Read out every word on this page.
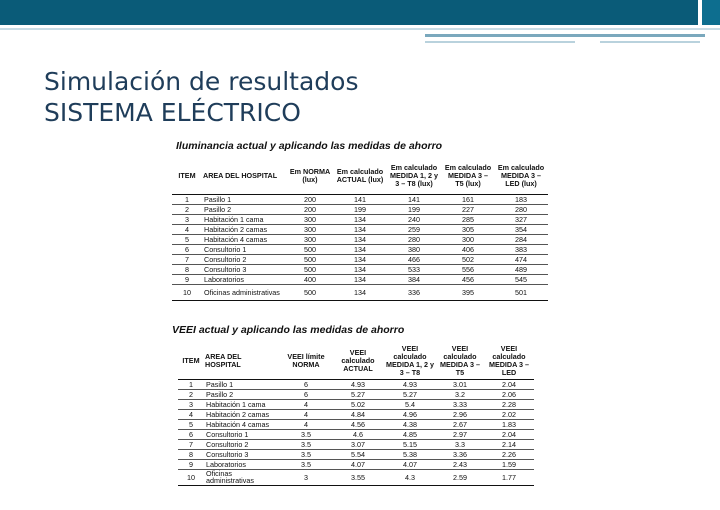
Simulación de resultados
SISTEMA ELÉCTRICO
Iluminancia actual y aplicando las medidas de ahorro
ITEM	AREA DEL HOSPITAL	Em NORMA (lux)	Em calculado ACTUAL (lux)	Em calculado MEDIDA 1, 2 y 3 – T8 (lux)	Em calculado MEDIDA 3 – T5 (lux)	Em calculado MEDIDA 3 – LED (lux)
1	Pasillo 1	200	141	141	161	183
2	Pasillo 2	200	199	199	227	280
3	Habitación 1 cama	300	134	240	285	327
4	Habitación 2 camas	300	134	259	305	354
5	Habitación 4 camas	300	134	280	300	284
6	Consultorio 1	500	134	380	406	383
7	Consultorio 2	500	134	466	502	474
8	Consultorio 3	500	134	533	556	489
9	Laboratorios	400	134	384	456	545
10	Oficinas administrativas	500	134	336	395	501
VEEI actual y aplicando las medidas de ahorro
ITEM	AREA DEL HOSPITAL	VEEI límite NORMA	VEEI calculado ACTUAL	VEEI calculado MEDIDA 1, 2 y 3 – T8	VEEI calculado MEDIDA 3 – T5	VEEI calculado MEDIDA 3 – LED
1	Pasillo 1	6	4.93	4.93	3.01	2.04
2	Pasillo 2	6	5.27	5.27	3.2	2.06
3	Habitación 1 cama	4	5.02	5.4	3.33	2.28
4	Habitación 2 camas	4	4.84	4.96	2.96	2.02
5	Habitación 4 camas	4	4.56	4.38	2.67	1.83
6	Consultorio 1	3.5	4.6	4.85	2.97	2.04
7	Consultorio 2	3.5	3.07	5.15	3.3	2.14
8	Consultorio 3	3.5	5.54	5.38	3.36	2.26
9	Laboratorios	3.5	4.07	4.07	2.43	1.59
10	Oficinas administrativas	3	3.55	4.3	2.59	1.77
